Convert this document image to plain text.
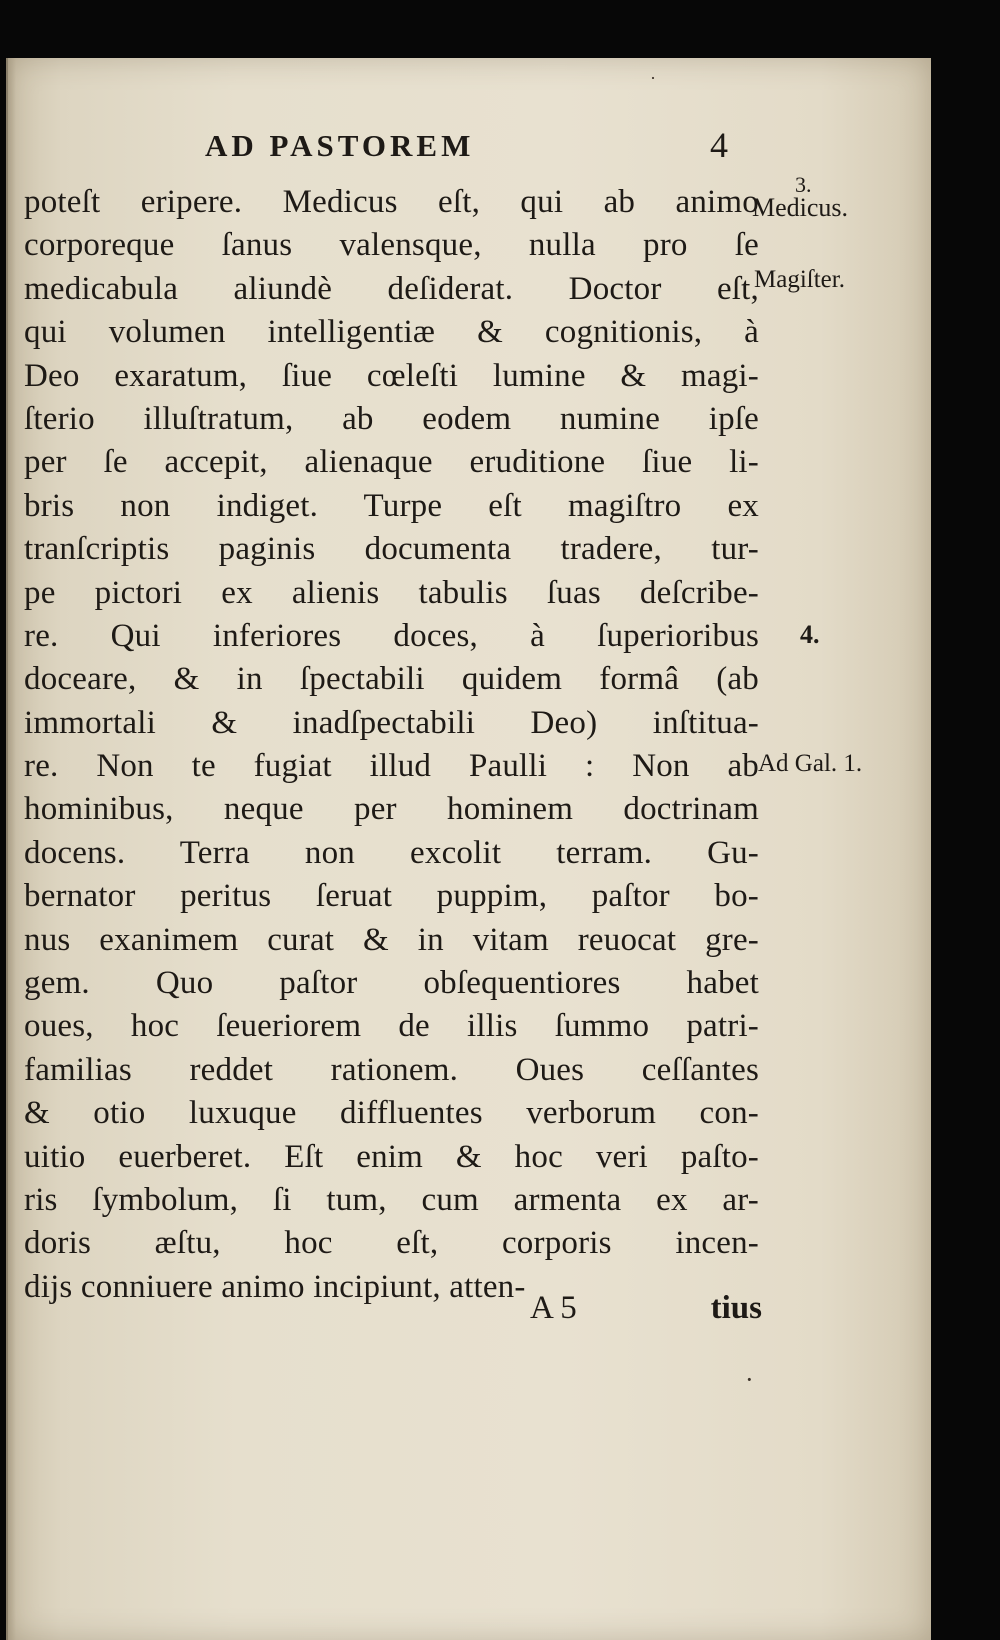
·
·
AD PASTOREM	4
poteſt eripere. Medicus eſt, qui ab animo
corporeque ſanus valensque, nulla pro ſe
medicabula aliundè deſiderat. Doctor eſt,
qui volumen intelligentiæ & cognitionis, à
Deo exaratum, ſiue cœleſti lumine & magi-
ſterio illuſtratum, ab eodem numine ipſe
per ſe accepit, alienaque eruditione ſiue li-
bris non indiget. Turpe eſt magiſtro ex
tranſcriptis paginis documenta tradere, tur-
pe pictori ex alienis tabulis ſuas deſcribe-
re. Qui inferiores doces, à ſuperioribus
doceare, & in ſpectabili quidem formâ (ab
immortali & inadſpectabili Deo) inſtitua-
re. Non te fugiat illud Paulli : Non ab
hominibus, neque per hominem doctrinam
docens. Terra non excolit terram. Gu-
bernator peritus ſeruat puppim, paſtor bo-
nus exanimem curat & in vitam reuocat gre-
gem. Quo paſtor obſequentiores habet
oues, hoc ſeueriorem de illis ſummo patri-
familias reddet rationem. Oues ceſſantes
& otio luxuque diffluentes verborum con-
uitio euerberet. Eſt enim & hoc veri paſto-
ris ſymbolum, ſi tum, cum armenta ex ar-
doris æſtu, hoc eſt, corporis incen-
dijs conniuere animo incipiunt, atten-
3.
Medicus.
Magiſter.
4.
Ad Gal. 1.
A 5	tius
